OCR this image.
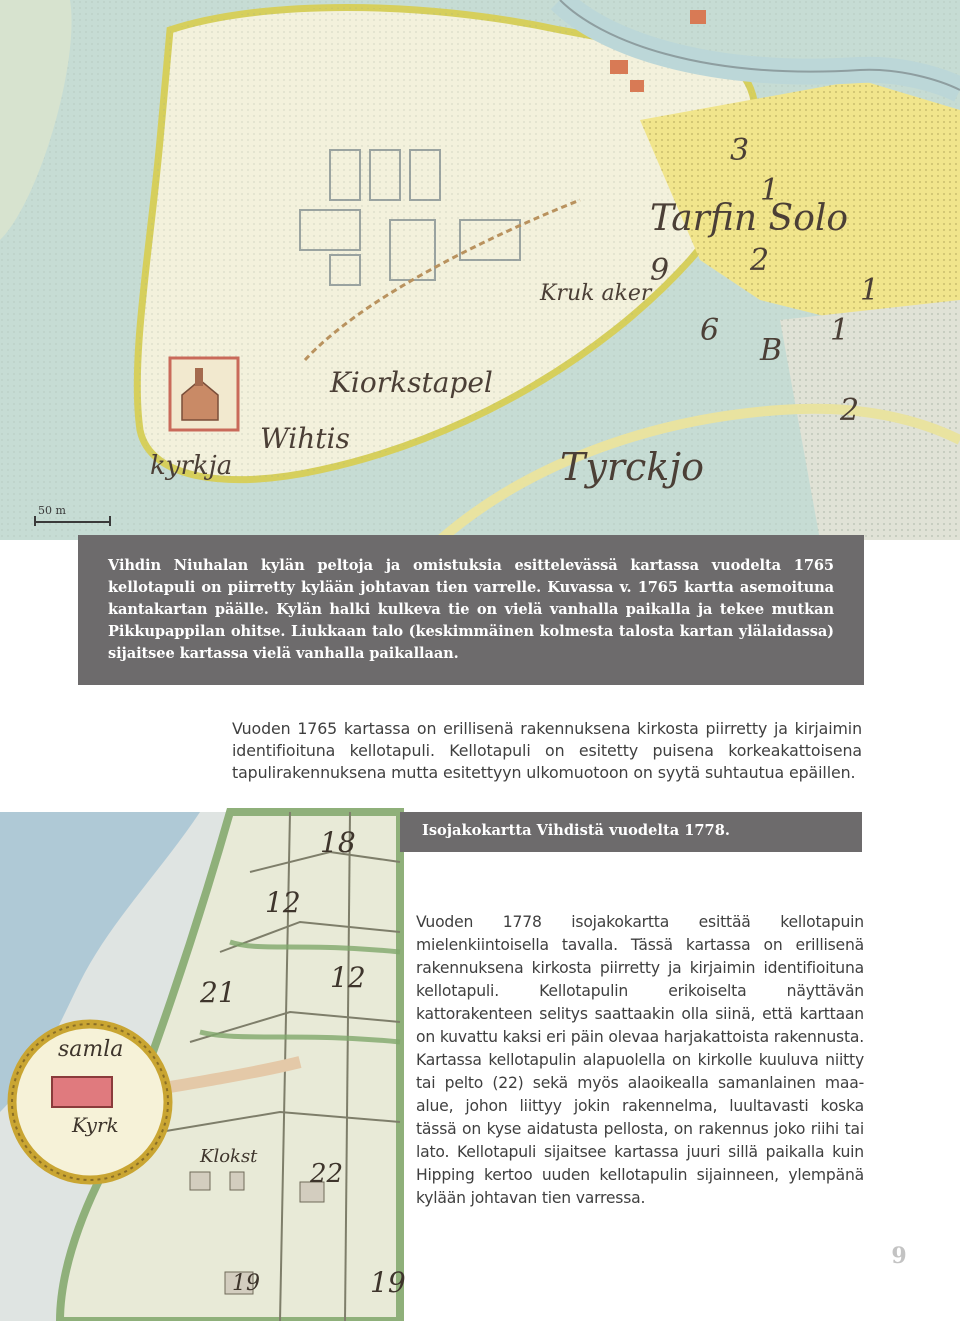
Kiorkstapel
Wihtis
kyrkja
Tarfin Solo
Tyrckjo
Kruk aker
3
1
9	2
6
B
1
1
2
50 m

Vihdin Niuhalan kylän peltoja ja omistuksia esittelevässä kartassa vuodelta 1765 kellotapuli on piirretty kylään johtavan tien varrelle. Kuvassa v. 1765 kartta asemoituna kantakartan päälle. Kylän halki kulkeva tie on vielä vanhalla paikalla ja tekee mutkan Pikkupappilan ohitse. Liukkaan talo (keskimmäinen kolmesta talosta kartan ylälaidassa) sijaitsee kartassa vielä vanhalla paikallaan.

Vuoden 1765 kartassa on erillisenä rakennuksena kirkosta piirretty ja kirjaimin identifioituna kellotapuli. Kellotapuli on esitetty puisena korkeakattoisena tapulirakennuksena mutta esitettyyn ulkomuotoon on syytä suhtautua epäillen.

18
12
12
21
samla
Kyrk
Klokst
22
19	19
Isojakokartta Vihdistä vuodelta 1778.

Vuoden 1778 isojakokartta esittää kellotapuin mielenkiintoisella tavalla. Tässä kartassa on erillisenä rakennuksena kirkosta piirretty ja kirjaimin identifioituna kellotapuli. Kellotapulin erikoiselta näyttävän kattorakenteen selitys saattaakin olla siinä, että karttaan on kuvattu kaksi eri päin olevaa harjakattoista rakennusta. Kartassa kellotapulin alapuolella on kirkolle kuuluva niitty tai pelto (22) sekä myös alaoikealla samanlainen maa-alue, johon liittyy jokin rakennelma, luultavasti koska tässä on kyse aidatusta pellosta, on rakennus joko riihi tai lato. Kellotapuli sijaitsee kartassa juuri sillä paikalla kuin Hipping kertoo uuden kellotapulin sijainneen, ylempänä kylään johtavan tien varressa.

9
